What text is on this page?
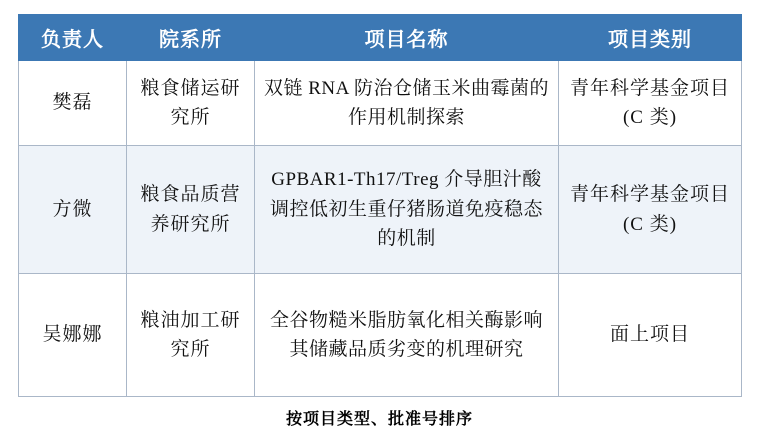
负责人	院系所	项目名称	项目类别
樊磊	粮食储运研究所	双链 RNA 防治仓储玉米曲霉菌的作用机制探索	青年科学基金项目 (C 类)
方微	粮食品质营养研究所	GPBAR1-Th17/Treg 介导胆汁酸调控低初生重仔猪肠道免疫稳态的机制	青年科学基金项目 (C 类)
吴娜娜	粮油加工研究所	全谷物糙米脂肪氧化相关酶影响其储藏品质劣变的机理研究	面上项目
按项目类型、批准号排序
